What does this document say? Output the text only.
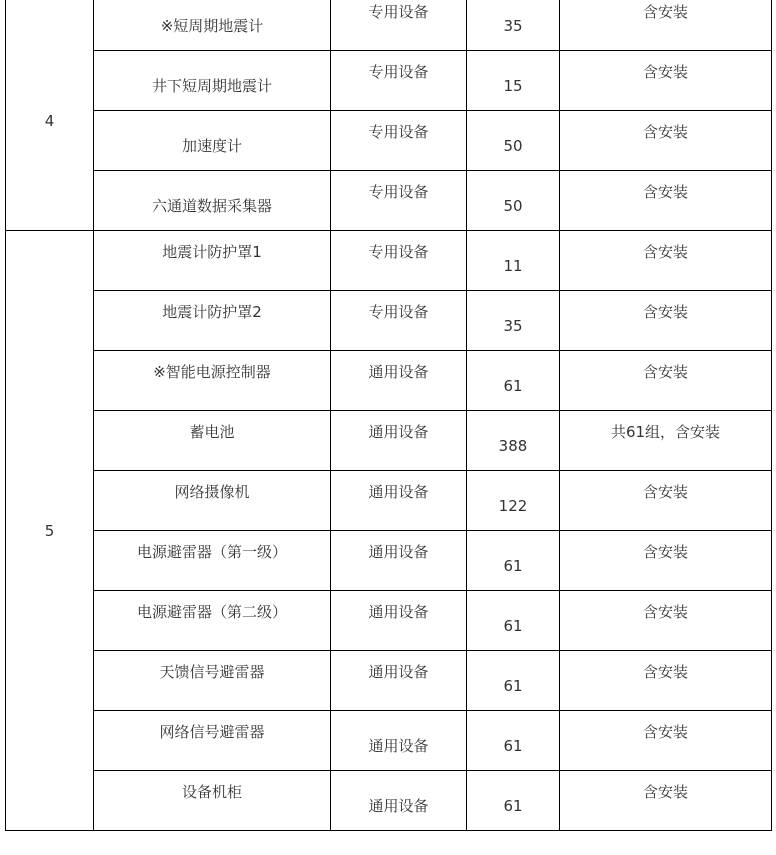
4	※短周期地震计	专用设备	35	含安装

	井下短周期地震计	专用设备	15	含安装

	加速度计	专用设备	50	含安装

	六通道数据采集器	专用设备	50	含安装

5	地震计防护罩1	专用设备	11	含安装

	地震计防护罩2	专用设备	35	含安装

	※智能电源控制器	通用设备	61	含安装

	蓄电池	通用设备	388	共61组，含安装

	网络摄像机	通用设备	122	含安装

	电源避雷器（第一级）	通用设备	61	含安装

	电源避雷器（第二级）	通用设备	61	含安装

	天馈信号避雷器	通用设备	61	含安装

	网络信号避雷器	通用设备	61	含安装

	设备机柜	通用设备	61	含安装
